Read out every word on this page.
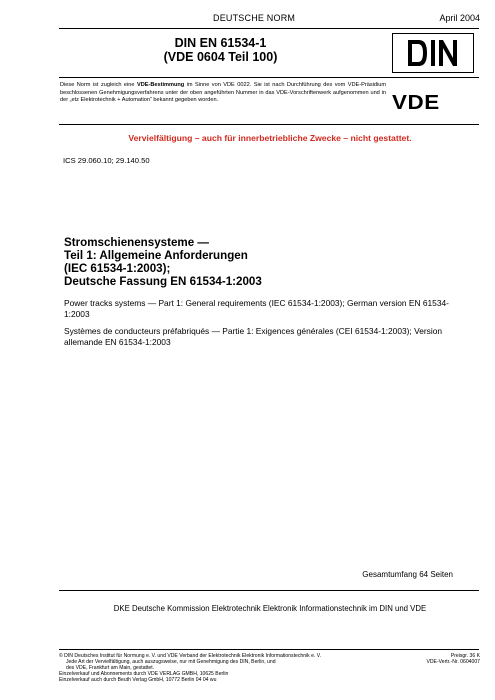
DEUTSCHE NORM	April 2004
DIN EN 61534-1
(VDE 0604 Teil 100)
Diese Norm ist zugleich eine VDE-Bestimmung im Sinne von VDE 0022. Sie ist nach Durchführung des vom VDE-Präsidium beschlossenen Genehmigungsverfahrens unter der oben angeführten Nummer in das VDE-Vorschriftenwerk aufgenommen und in der „etz Elektrotechnik + Automation“ bekannt gegeben worden.	VDE
Vervielfältigung – auch für innerbetriebliche Zwecke – nicht gestattet.
ICS 29.060.10; 29.140.50
Stromschienensysteme —
Teil 1: Allgemeine Anforderungen
(IEC 61534-1:2003);
Deutsche Fassung EN 61534-1:2003
Power tracks systems — Part 1: General requirements (IEC 61534-1:2003); German version EN 61534-1:2003
Systèmes de conducteurs préfabriqués — Partie 1: Exigences générales (CEI 61534-1:2003); Version allemande EN 61534-1:2003
Gesamtumfang 64 Seiten
DKE Deutsche Kommission Elektrotechnik Elektronik Informationstechnik im DIN und VDE
© DIN Deutsches Institut für Normung e. V. und VDE Verband der Elektrotechnik Elektronik Informationstechnik e. V.
Jede Art der Vervielfältigung, auch auszugsweise, nur mit Genehmigung des DIN, Berlin, und
des VDE, Frankfurt am Main, gestattet.
Einzelverkauf und Abonnements durch VDE VERLAG GMBH, 10625 Berlin
Einzelverkauf auch durch Beuth Verlag GmbH, 10772 Berlin 04 04 wu
Preisgr. 36 K
VDE-Vertr.-Nr. 0604007
